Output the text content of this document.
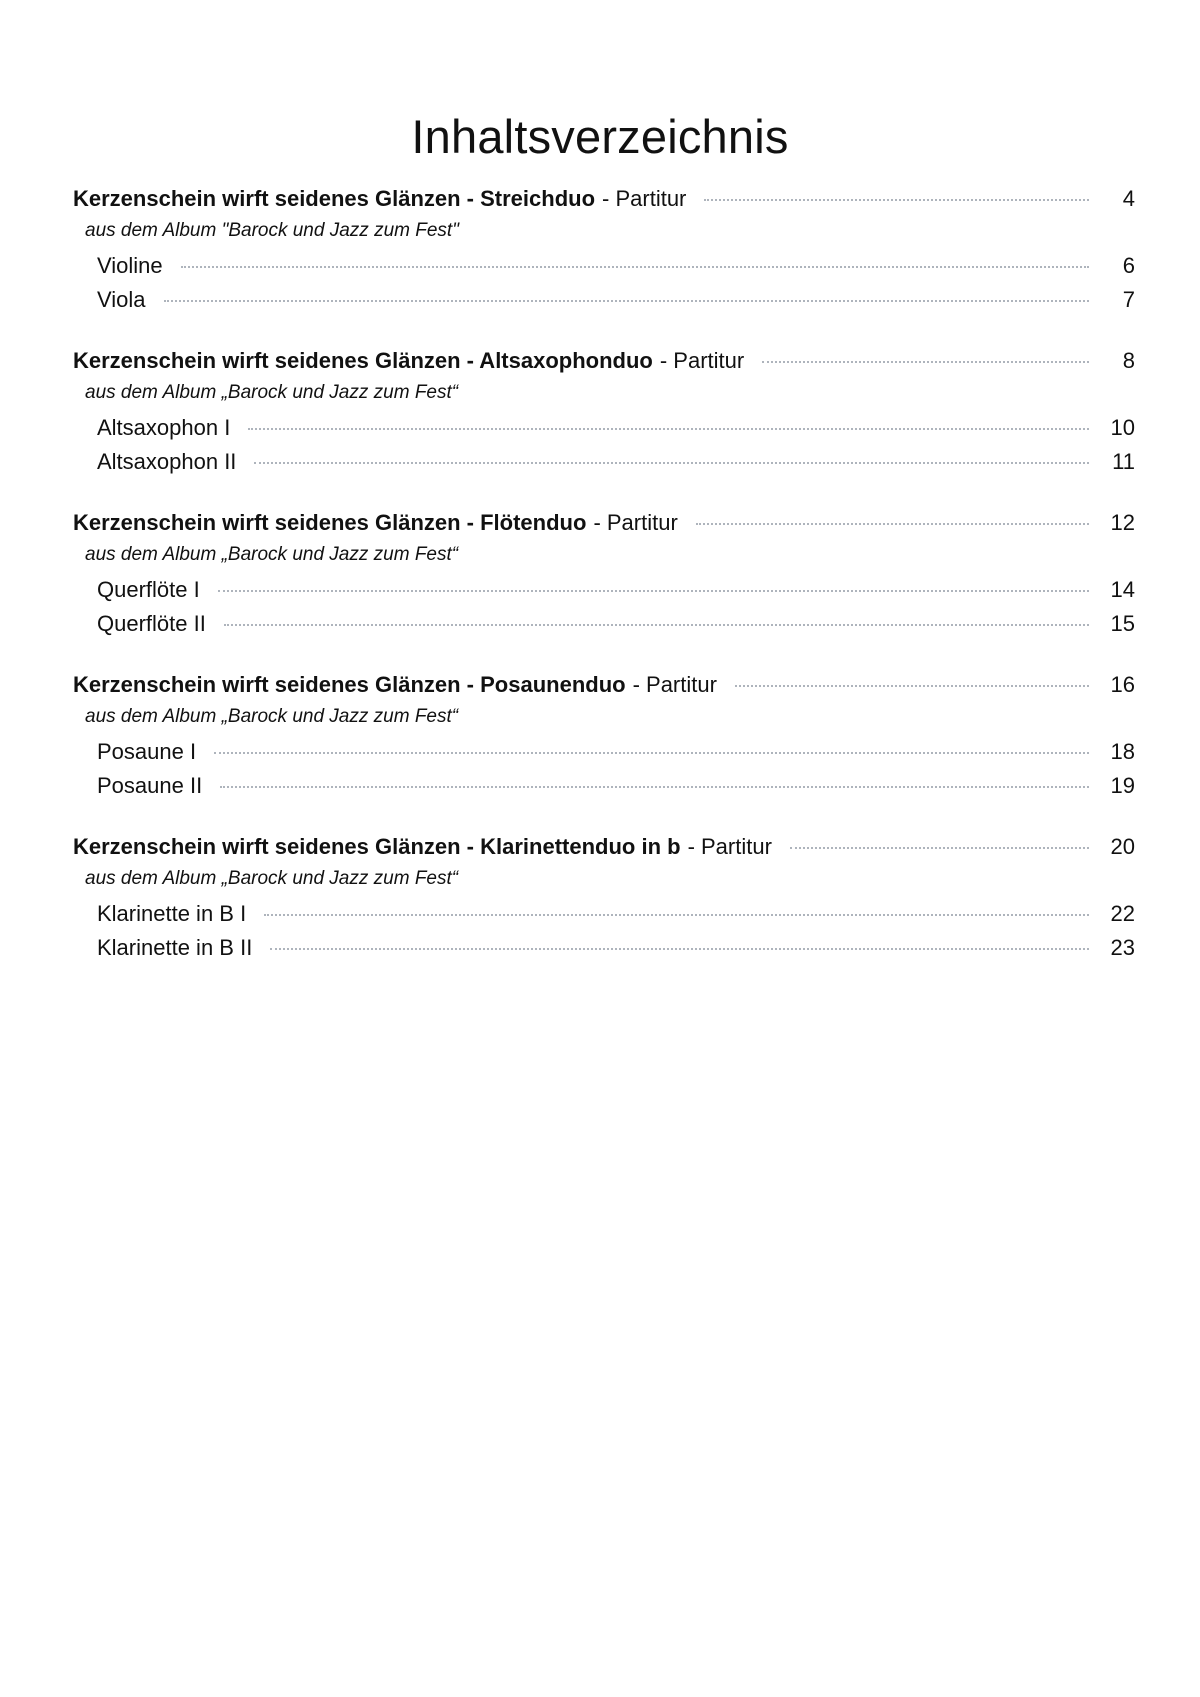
Inhaltsverzeichnis
Kerzenschein wirft seidenes Glänzen - Streichduo - Partitur	4
aus dem Album "Barock und Jazz zum Fest"
Violine	6
Viola	7
Kerzenschein wirft seidenes Glänzen - Altsaxophonduo - Partitur	8
aus dem Album „Barock und Jazz zum Fest“
Altsaxophon I	10
Altsaxophon II	11
Kerzenschein wirft seidenes Glänzen - Flötenduo - Partitur	12
aus dem Album „Barock und Jazz zum Fest“
Querflöte I	14
Querflöte II	15
Kerzenschein wirft seidenes Glänzen - Posaunenduo - Partitur	16
aus dem Album „Barock und Jazz zum Fest“
Posaune I	18
Posaune II	19
Kerzenschein wirft seidenes Glänzen - Klarinettenduo in b - Partitur	20
aus dem Album „Barock und Jazz zum Fest“
Klarinette in B I	22
Klarinette in B II	23
